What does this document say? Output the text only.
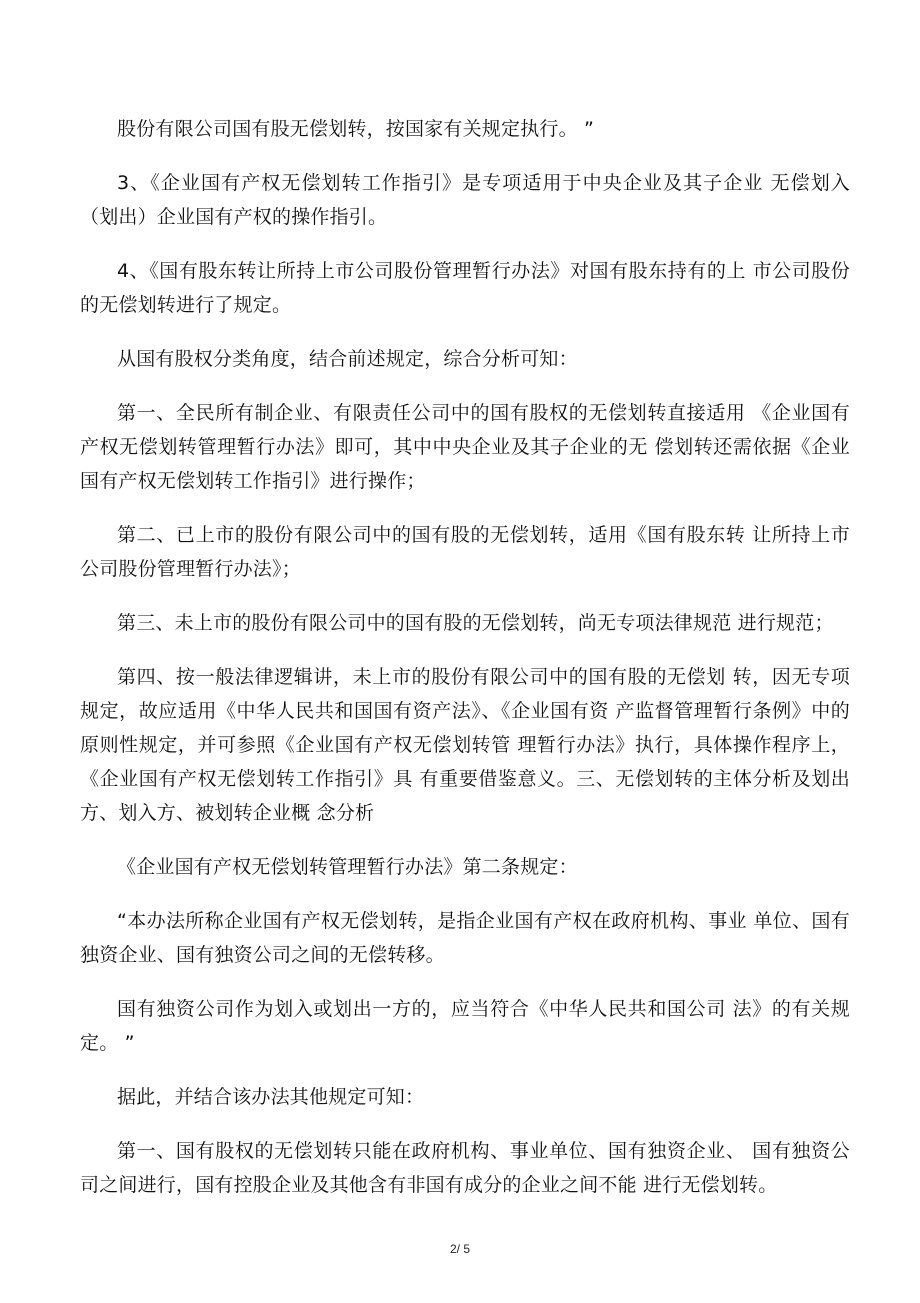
股份有限公司国有股无偿划转，按国家有关规定执行。 ”

3、《企业国有产权无偿划转工作指引》是专项适用于中央企业及其子企业 无偿划入（划出）企业国有产权的操作指引。

4、《国有股东转让所持上市公司股份管理暂行办法》对国有股东持有的上 市公司股份的无偿划转进行了规定。

从国有股权分类角度，结合前述规定，综合分析可知：

第一、全民所有制企业、有限责任公司中的国有股权的无偿划转直接适用 《企业国有产权无偿划转管理暂行办法》即可，其中中央企业及其子企业的无 偿划转还需依据《企业国有产权无偿划转工作指引》进行操作；

第二、已上市的股份有限公司中的国有股的无偿划转，适用《国有股东转 让所持上市公司股份管理暂行办法》；

第三、未上市的股份有限公司中的国有股的无偿划转，尚无专项法律规范 进行规范；

第四、按一般法律逻辑讲，未上市的股份有限公司中的国有股的无偿划 转，因无专项规定，故应适用《中华人民共和国国有资产法》、《企业国有资 产监督管理暂行条例》中的原则性规定，并可参照《企业国有产权无偿划转管 理暂行办法》执行，具体操作程序上，《企业国有产权无偿划转工作指引》具 有重要借鉴意义。三、无偿划转的主体分析及划出方、划入方、被划转企业概 念分析

《企业国有产权无偿划转管理暂行办法》第二条规定：

“本办法所称企业国有产权无偿划转，是指企业国有产权在政府机构、事业 单位、国有独资企业、国有独资公司之间的无偿转移。

国有独资公司作为划入或划出一方的，应当符合《中华人民共和国公司 法》的有关规定。 ”

据此，并结合该办法其他规定可知：

第一、国有股权的无偿划转只能在政府机构、事业单位、国有独资企业、 国有独资公司之间进行，国有控股企业及其他含有非国有成分的企业之间不能 进行无偿划转。

2/ 5
